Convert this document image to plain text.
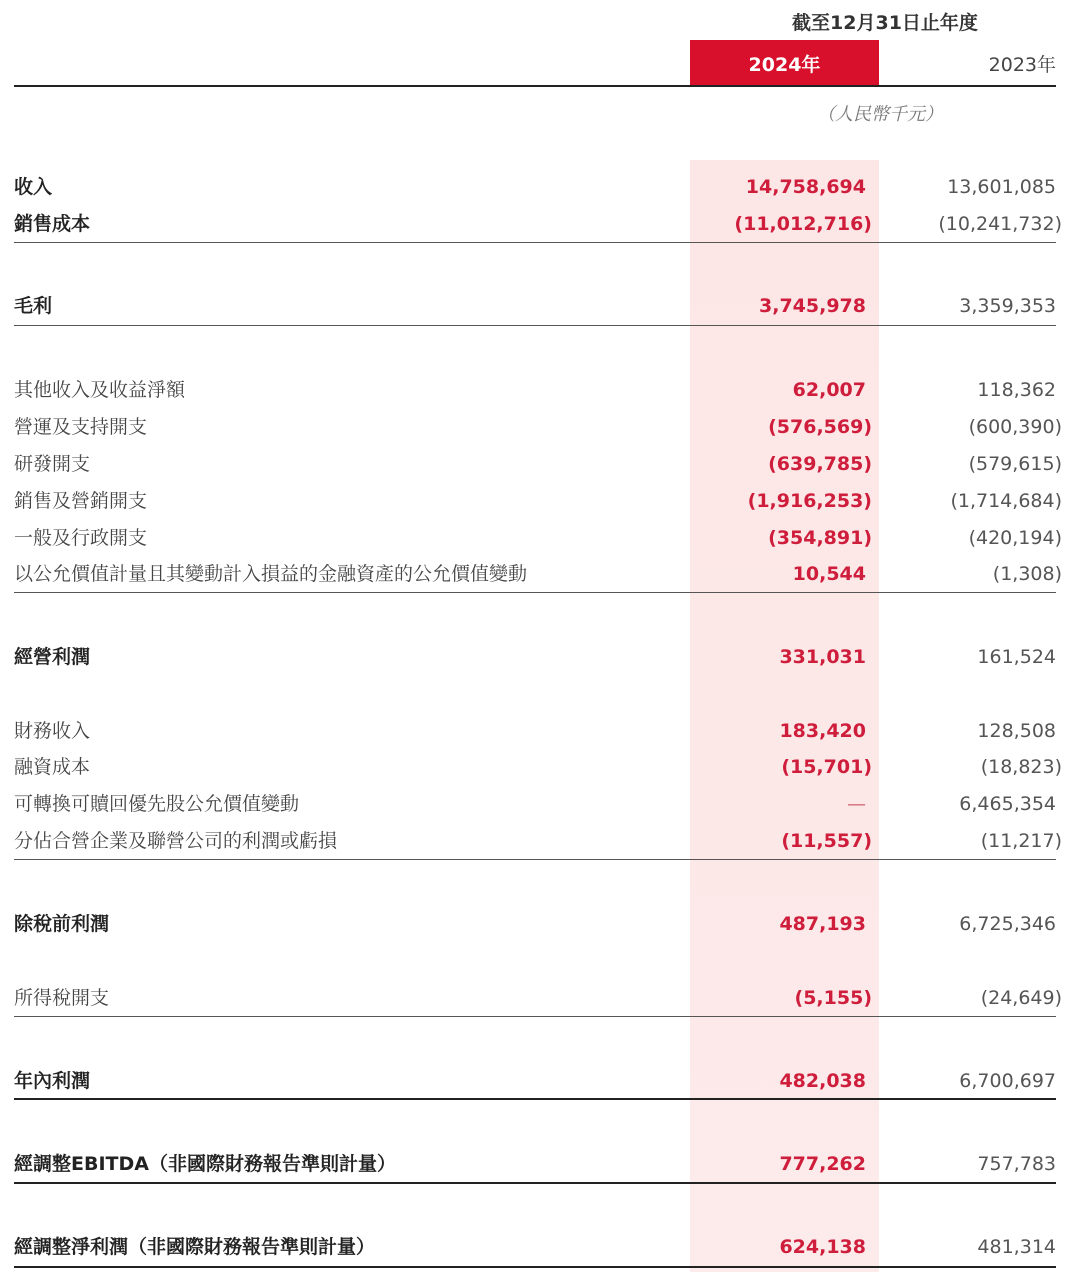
截至12月31日止年度
2024年	2023年
（人民幣千元）
收入	14,758,694	13,601,085
銷售成本	(11,012,716)	(10,241,732)
毛利	3,745,978	3,359,353
其他收入及收益淨額	62,007	118,362
營運及支持開支	(576,569)	(600,390)
研發開支	(639,785)	(579,615)
銷售及營銷開支	(1,916,253)	(1,714,684)
一般及行政開支	(354,891)	(420,194)
以公允價值計量且其變動計入損益的金融資產的公允價值變動	10,544	(1,308)
經營利潤	331,031	161,524
財務收入	183,420	128,508
融資成本	(15,701)	(18,823)
可轉換可贖回優先股公允價值變動	—	6,465,354
分佔合營企業及聯營公司的利潤或虧損	(11,557)	(11,217)
除稅前利潤	487,193	6,725,346
所得稅開支	(5,155)	(24,649)
年內利潤	482,038	6,700,697
經調整EBITDA（非國際財務報告準則計量）	777,262	757,783
經調整淨利潤（非國際財務報告準則計量）	624,138	481,314
